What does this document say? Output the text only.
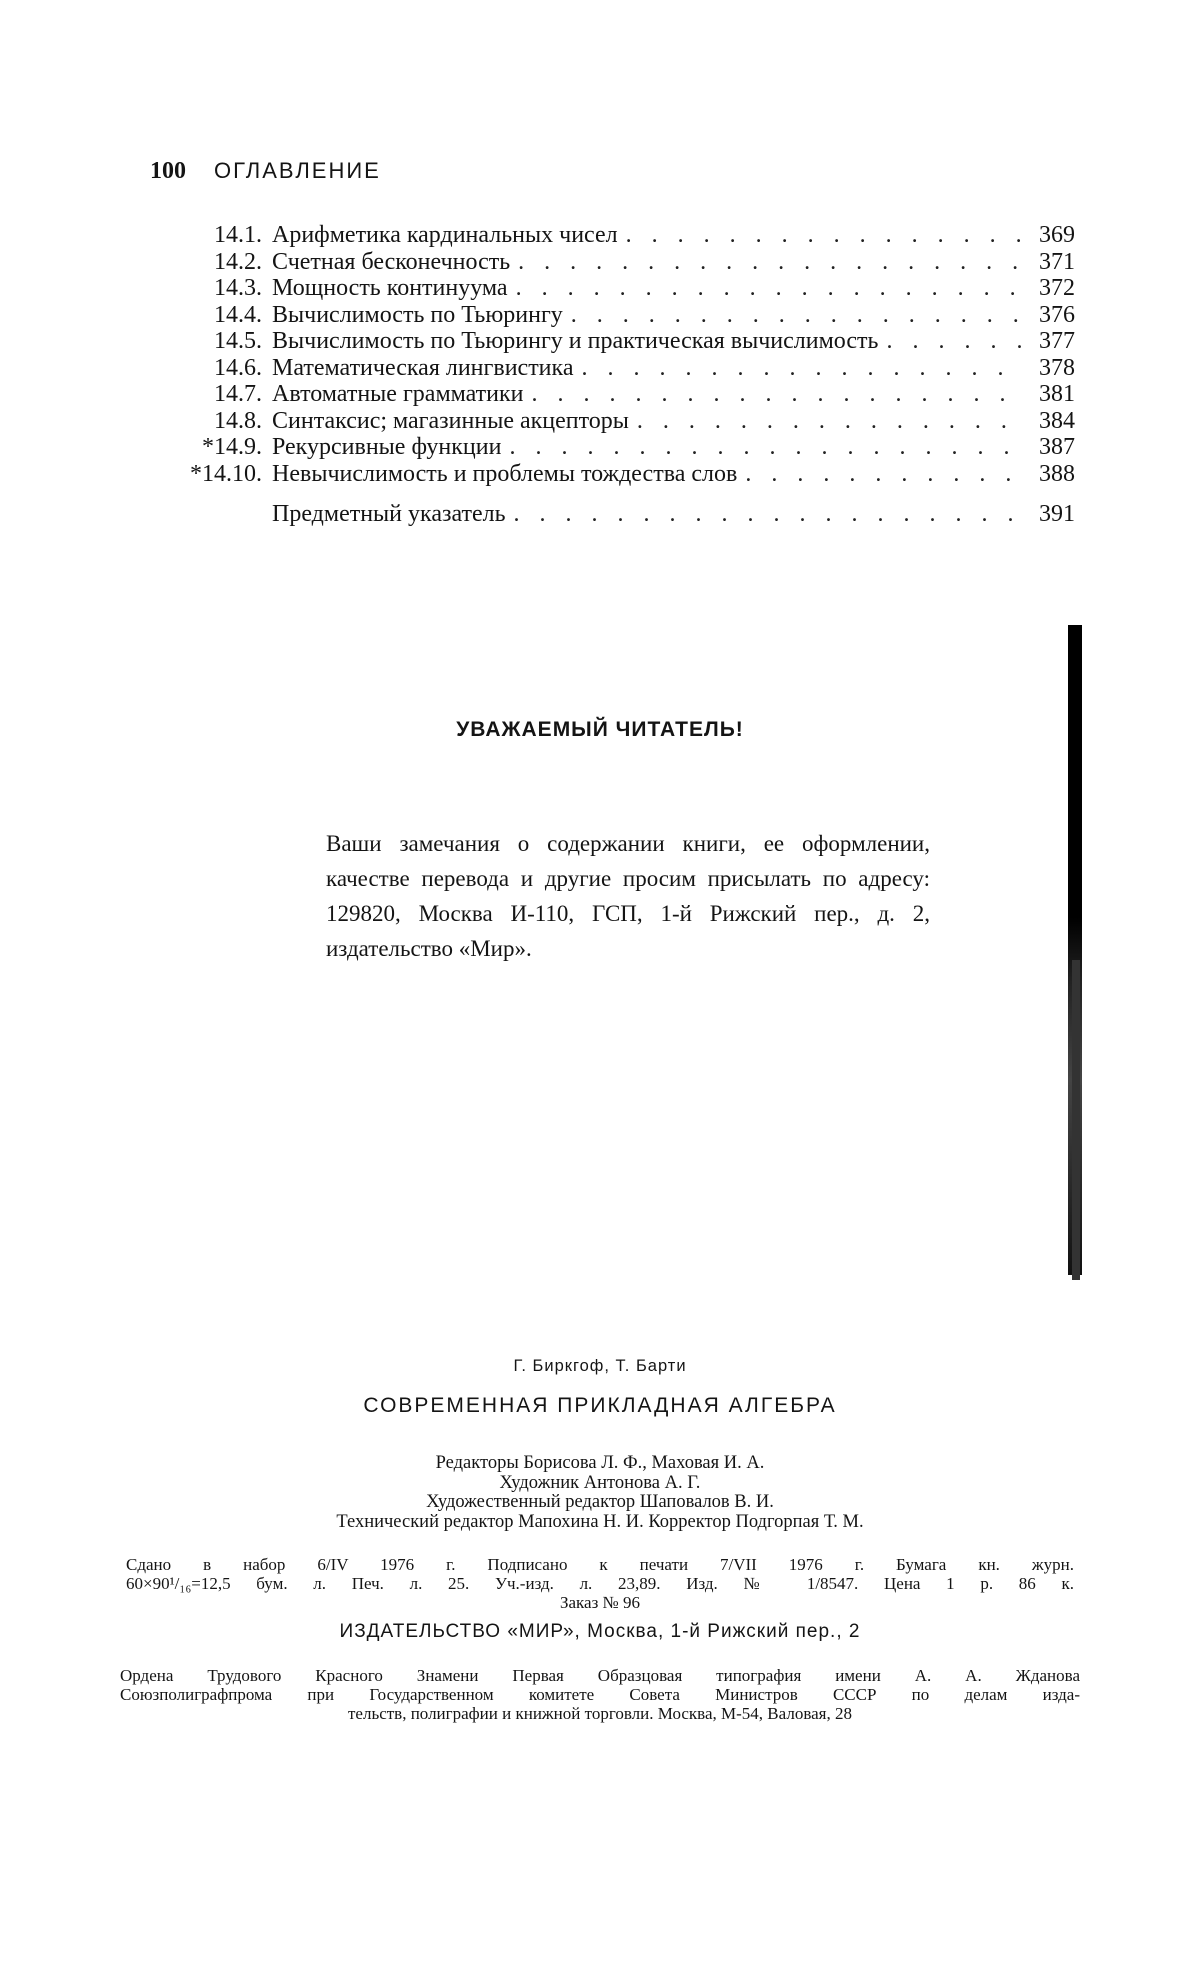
100 ОГЛАВЛЕНИЕ
14.1. Арифметика кардинальных чисел . . .	369
14.2. Счетная бесконечность . . .	371
14.3. Мощность континуума . . .	372
14.4. Вычислимость по Тьюрингу . . .	376
14.5. Вычислимость по Тьюрингу и практическая вычислимость . . .	377
14.6. Математическая лингвистика . . .	378
14.7. Автоматные грамматики . . .	381
14.8. Синтаксис; магазинные акцепторы . . .	384
*14.9. Рекурсивные функции . . .	387
*14.10. Невычислимость и проблемы тождества слов . . .	388
Предметный указатель . . .	391
УВАЖАЕМЫЙ ЧИТАТЕЛЬ!
Ваши замечания о содержании книги, ее оформлении, качестве перевода и другие просим присылать по адресу: 129820, Москва И-110, ГСП, 1-й Рижский пер., д. 2, издательство «Мир».
Г. Биркгоф, Т. Барти
СОВРЕМЕННАЯ ПРИКЛАДНАЯ АЛГЕБРА
Редакторы Борисова Л. Ф., Маховая И. А.
Художник Антонова А. Г.
Художественный редактор Шаповалов В. И.
Технический редактор Мапохина Н. И. Корректор Подгорпая Т. М.
Сдано в набор 6/IV 1976 г. Подписано к печати 7/VII 1976 г. Бумага кн. журн.
60×90¹/₁₆=12,5 бум. л. Печ. л. 25. Уч.-изд. л. 23,89. Изд. № 1/8547. Цена 1 р. 86 к.
Заказ № 96
ИЗДАТЕЛЬСТВО «МИР», Москва, 1-й Рижский пер., 2
Ордена Трудового Красного Знамени Первая Образцовая типография имени А. А. Жданова
Союзполиграфпрома при Государственном комитете Совета Министров СССР по делам изда-
тельств, полиграфии и книжной торговли. Москва, М-54, Валовая, 28
